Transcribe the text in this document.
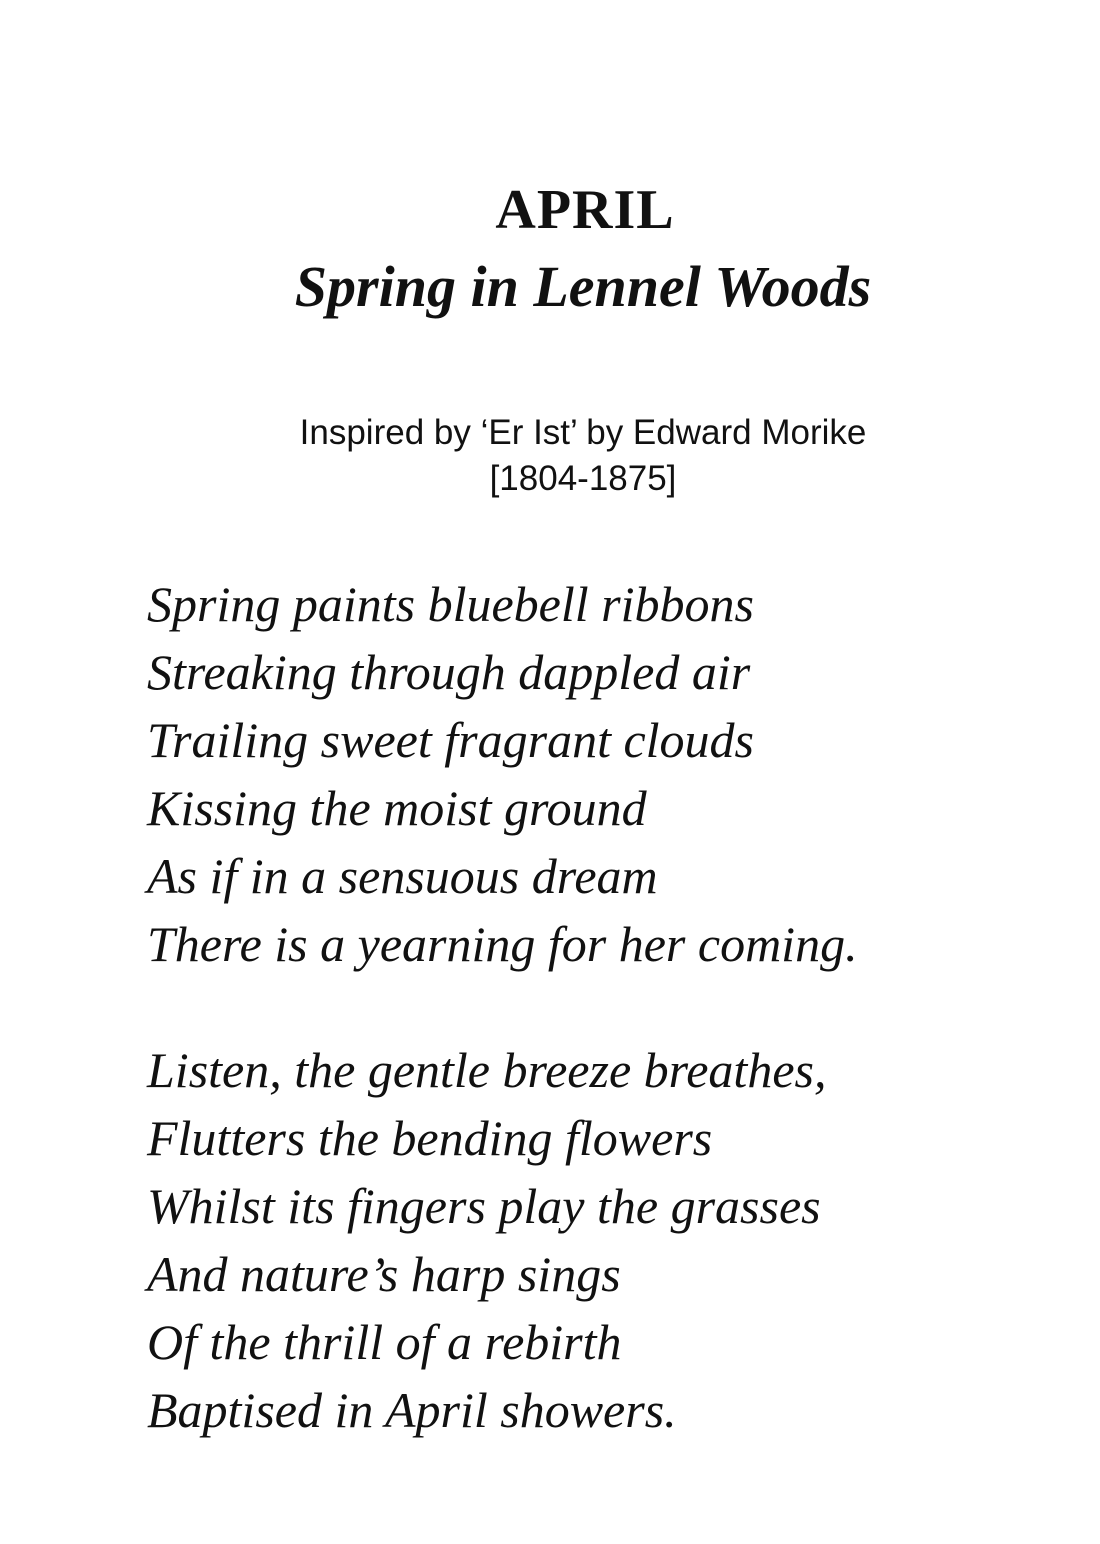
APRIL
Spring in Lennel Woods
Inspired by ‘Er Ist’ by Edward Morike
[1804-1875]
Spring paints bluebell ribbons
Streaking through dappled air
Trailing sweet fragrant clouds
Kissing the moist ground
As if in a sensuous dream
There is a yearning for her coming.
Listen, the gentle breeze breathes,
Flutters the bending flowers
Whilst its fingers play the grasses
And nature’s harp sings
Of the thrill of a rebirth
Baptised in April showers.
